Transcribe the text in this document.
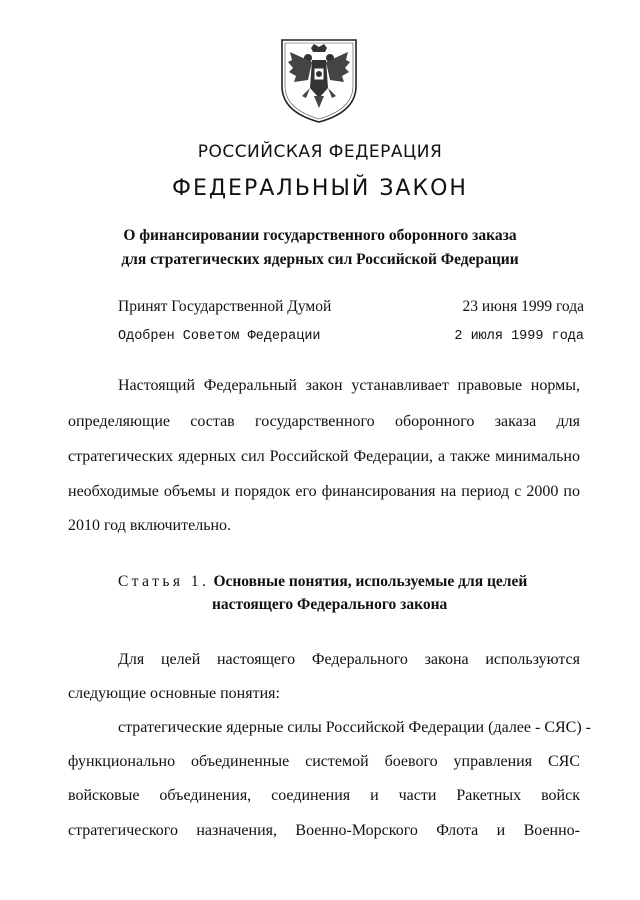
РОССИЙСКАЯ ФЕДЕРАЦИЯ
ФЕДЕРАЛЬНЫЙ ЗАКОН
О финансировании государственного оборонного заказа
для стратегических ядерных сил Российской Федерации
Принят Государственной Думой	23 июня 1999 года
Одобрен Советом Федерации	2 июля 1999 года
Настоящий Федеральный закон устанавливает правовые нормы,
определяющие состав государственного оборонного заказа для
стратегических ядерных сил Российской Федерации, а также минимально
необходимые объемы и порядок его финансирования на период с 2000 по
2010 год включительно.
Статья 1. Основные понятия, используемые для целей
настоящего Федерального закона
Для целей настоящего Федерального закона используются
следующие основные понятия:
стратегические ядерные силы Российской Федерации (далее - СЯС) -
функционально объединенные системой боевого управления СЯС
войсковые объединения, соединения и части Ракетных войск
стратегического назначения, Военно-Морского Флота и Военно-
